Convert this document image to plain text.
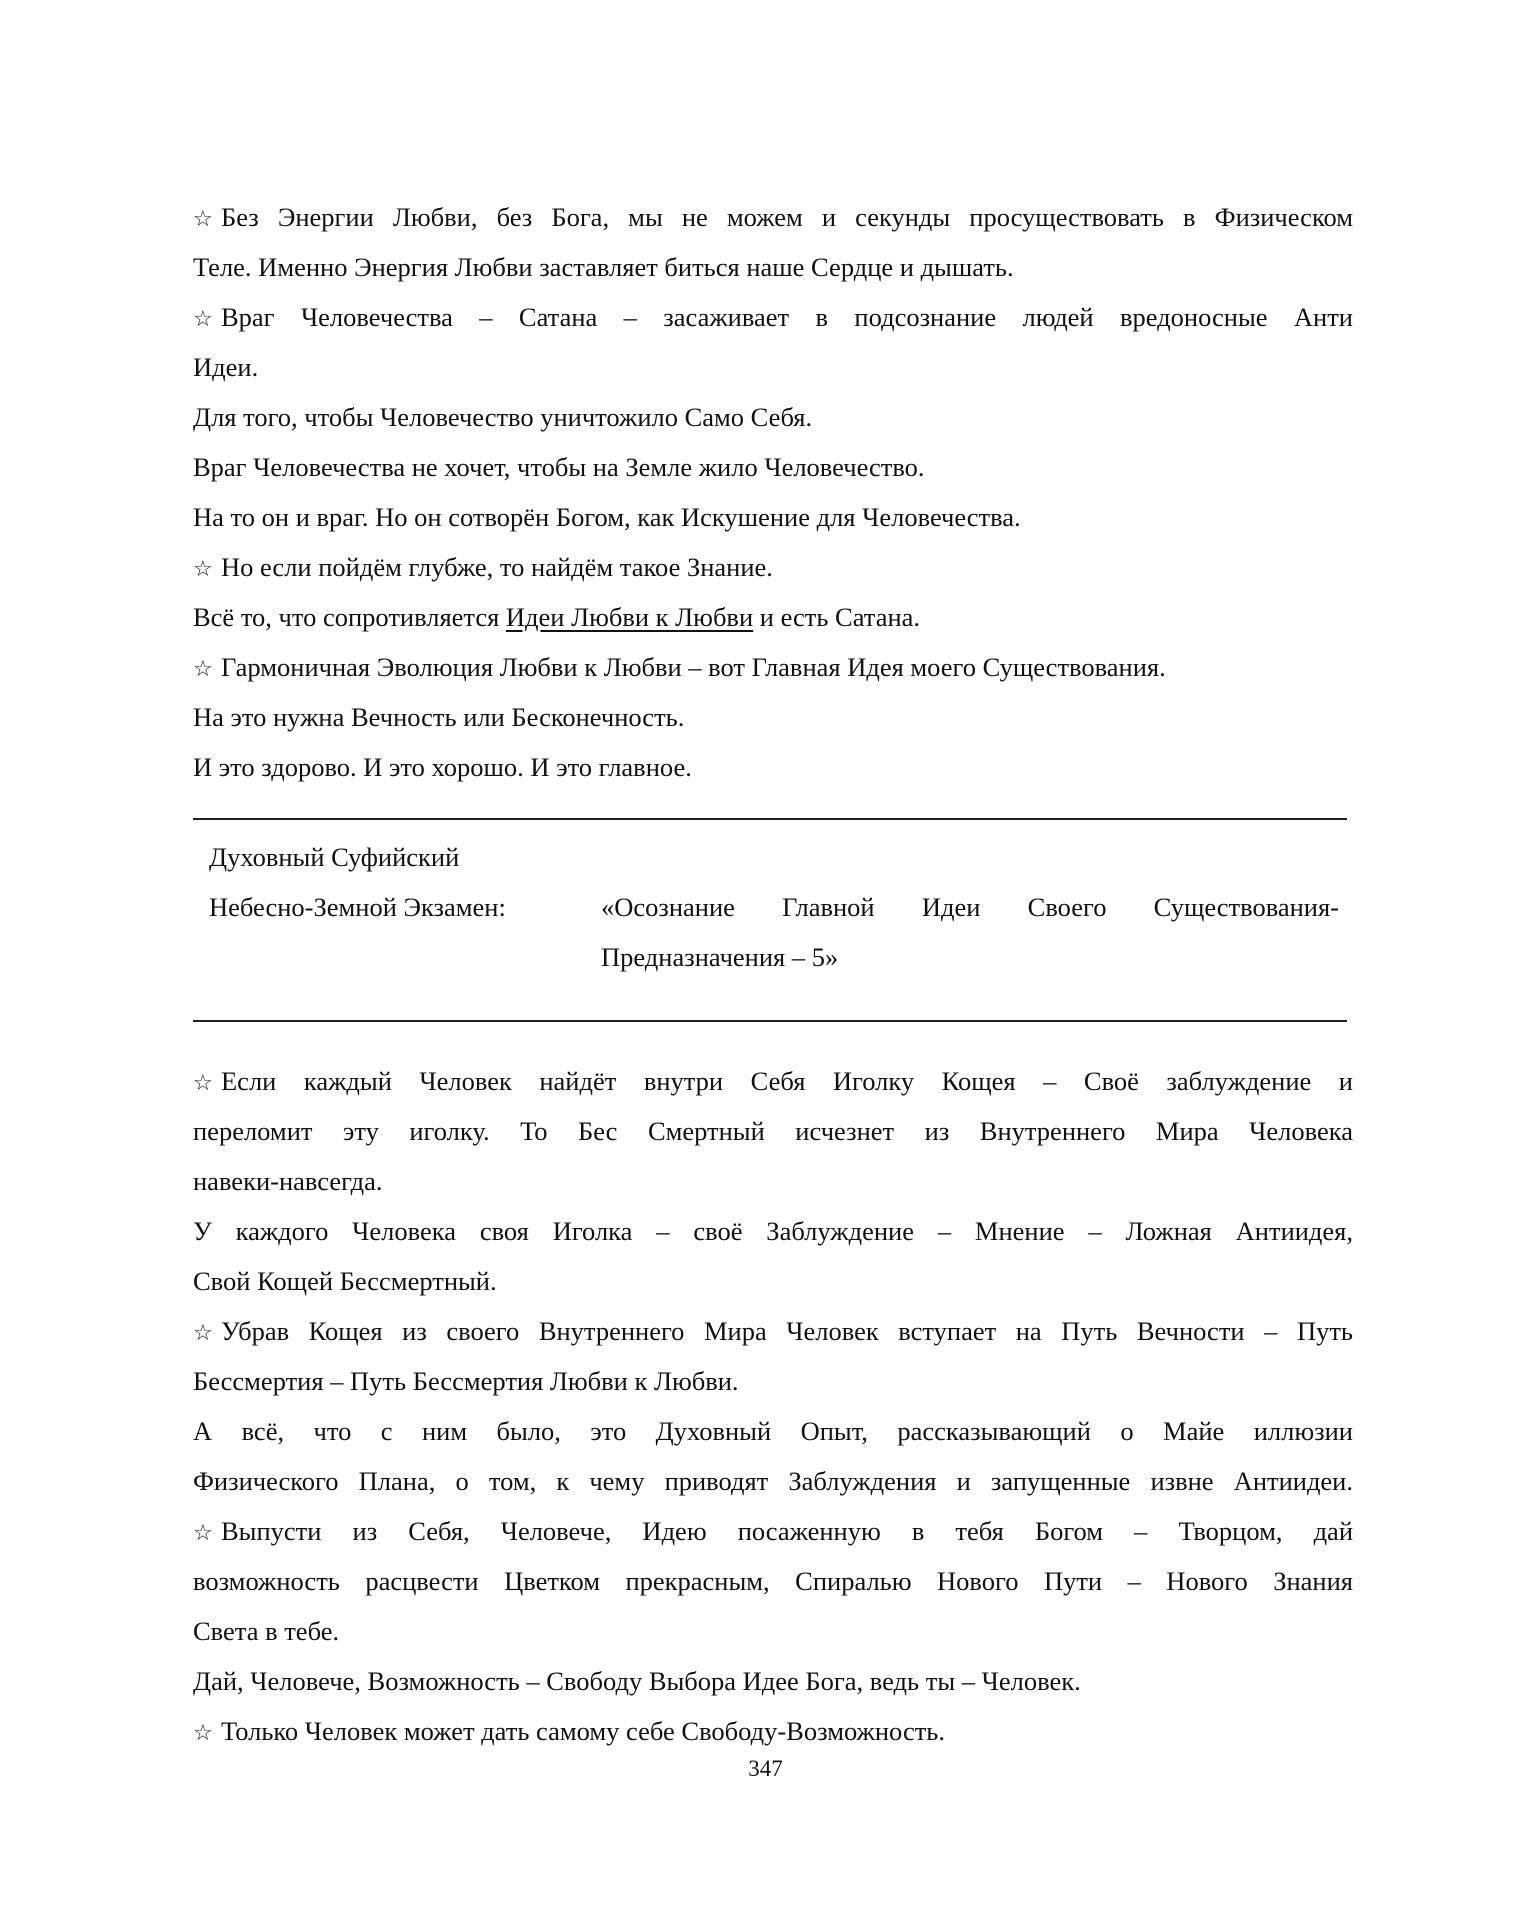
☆ Без Энергии Любви, без Бога, мы не можем и секунды просуществовать в Физическом
Теле. Именно Энергия Любви заставляет биться наше Сердце и дышать.
☆ Враг Человечества – Сатана – засаживает в подсознание людей вредоносные Анти
Идеи.
Для того, чтобы Человечество уничтожило Само Себя.
Враг Человечества не хочет, чтобы на Земле жило Человечество.
На то он и враг. Но он сотворён Богом, как Искушение для Человечества.
☆ Но если пойдём глубже, то найдём такое Знание.
Всё то, что сопротивляется Идеи Любви к Любви и есть Сатана.
☆ Гармоничная Эволюция Любви к Любви – вот Главная Идея моего Существования.
На это нужна Вечность или Бесконечность.
И это здорово. И это хорошо. И это главное.
Духовный Суфийский
Небесно-Земной Экзамен:	«Осознание Главной Идеи Своего Существования-
Предназначения – 5»
☆ Если каждый Человек найдёт внутри Себя Иголку Кощея – Своё заблуждение и
переломит эту иголку. То Бес Смертный исчезнет из Внутреннего Мира Человека
навеки-навсегда.
У каждого Человека своя Иголка – своё Заблуждение – Мнение – Ложная Антиидея,
Свой Кощей Бессмертный.
☆ Убрав Кощея из своего Внутреннего Мира Человек вступает на Путь Вечности – Путь
Бессмертия – Путь Бессмертия Любви к Любви.
А всё, что с ним было, это Духовный Опыт, рассказывающий о Майе иллюзии
Физического Плана, о том, к чему приводят Заблуждения и запущенные извне Антиидеи.
☆ Выпусти из Себя, Человече, Идею посаженную в тебя Богом – Творцом, дай
возможность расцвести Цветком прекрасным, Спиралью Нового Пути – Нового Знания
Света в тебе.
Дай, Человече, Возможность – Свободу Выбора Идее Бога, ведь ты – Человек.
☆ Только Человек может дать самому себе Свободу-Возможность.
347
